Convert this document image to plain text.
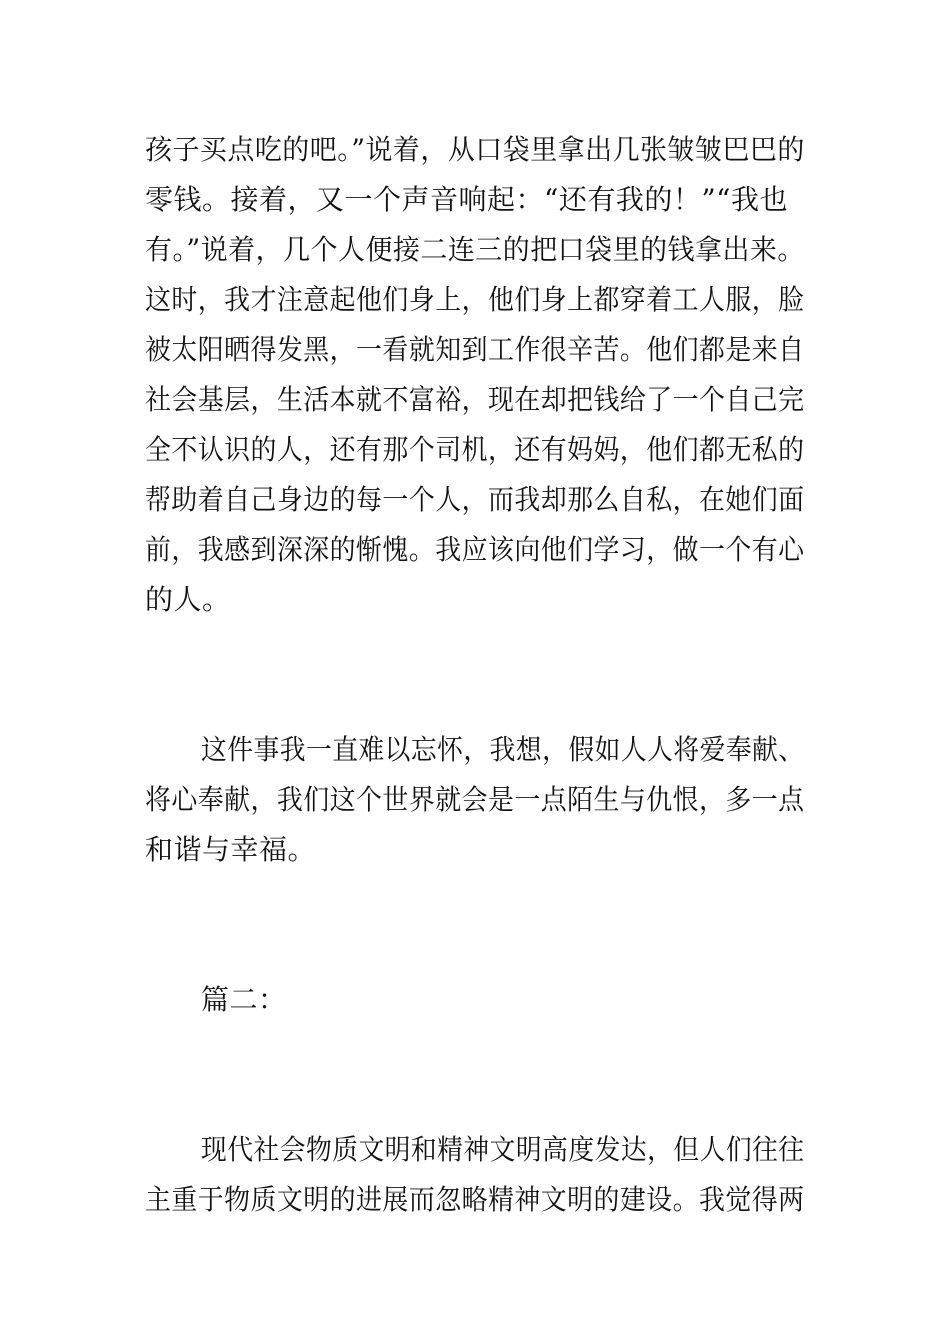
孩子买点吃的吧。”说着，从口袋里拿出几张皱皱巴巴的
零钱。接着，又一个声音响起：“还有我的！”“我也
有。”说着，几个人便接二连三的把口袋里的钱拿出来。
这时，我才注意起他们身上，他们身上都穿着工人服，脸
被太阳晒得发黑，一看就知到工作很辛苦。他们都是来自
社会基层，生活本就不富裕，现在却把钱给了一个自己完
全不认识的人，还有那个司机，还有妈妈，他们都无私的
帮助着自己身边的每一个人，而我却那么自私，在她们面
前，我感到深深的惭愧。我应该向他们学习，做一个有心
的人。
这件事我一直难以忘怀，我想，假如人人将爱奉献、
将心奉献，我们这个世界就会是一点陌生与仇恨，多一点
和谐与幸福。
篇二：
现代社会物质文明和精神文明高度发达，但人们往往
主重于物质文明的进展而忽略精神文明的建设。我觉得两
